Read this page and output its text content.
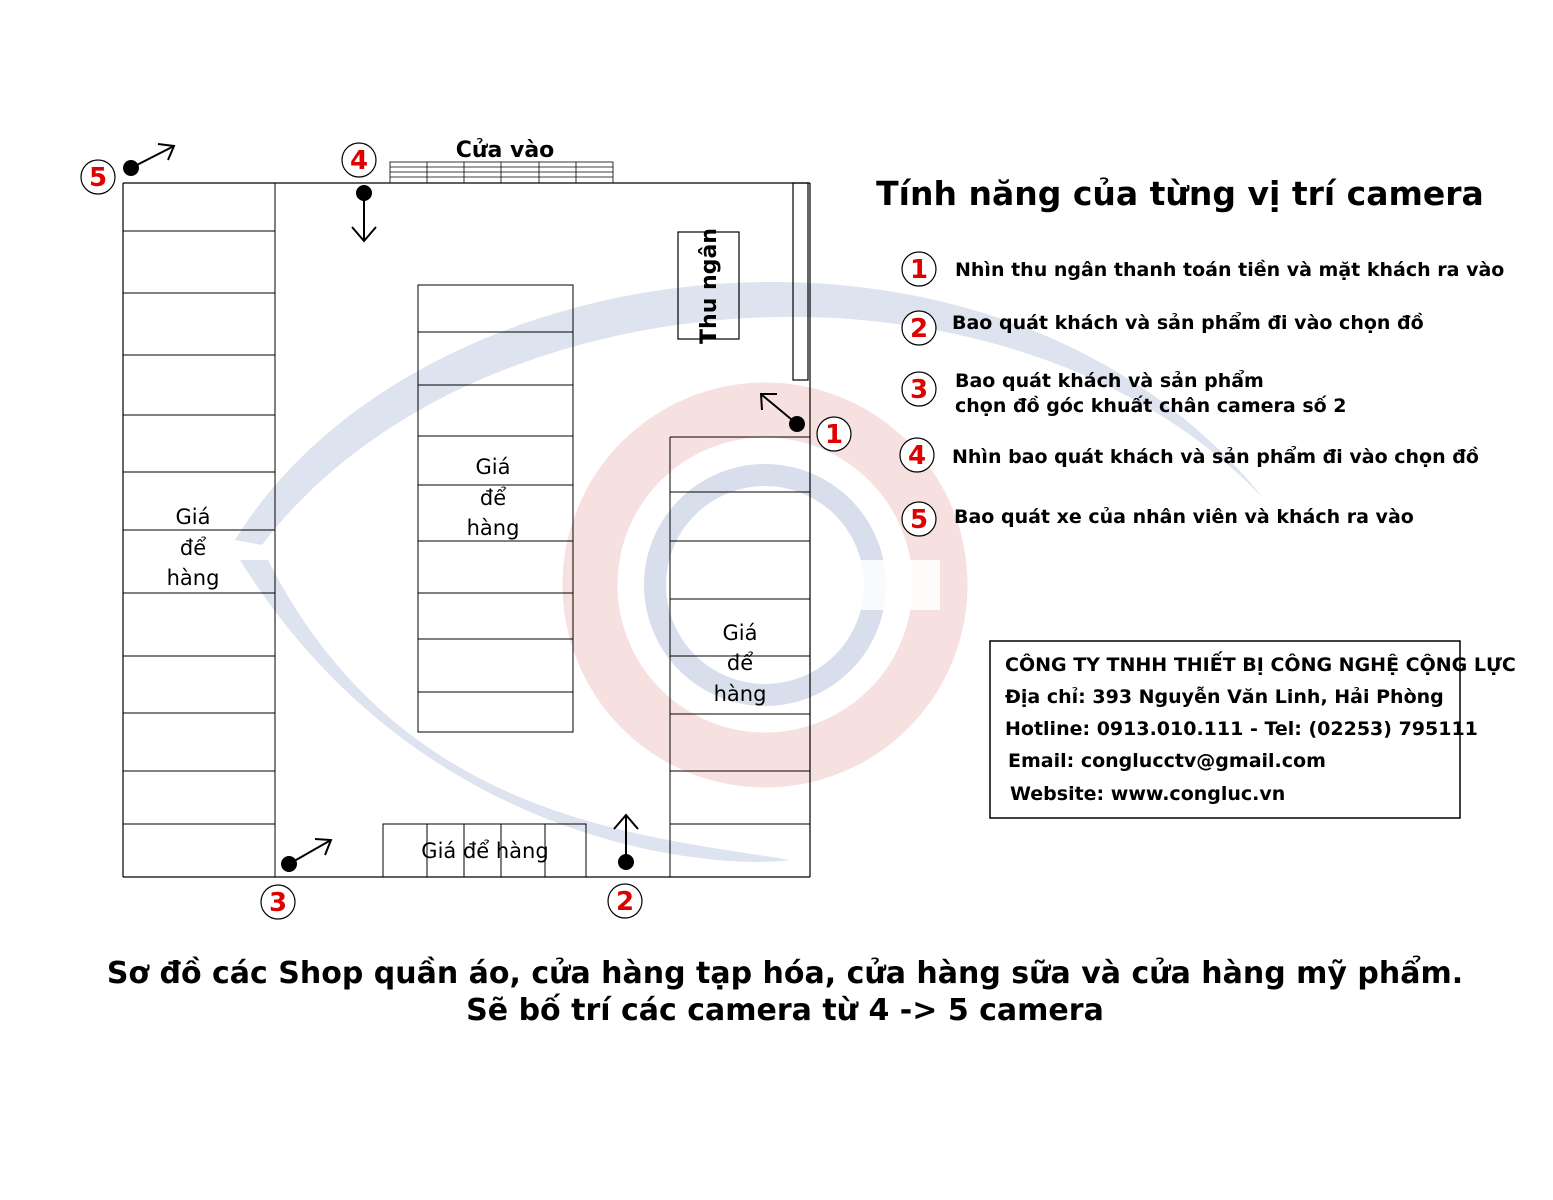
Cửa vào
Thu ngân
Giá
để
hàng
Giá
để
hàng
Giá
để
hàng
Giá để hàng
1
2
3
4
5	Tính năng của từng vị trí camera
1 Nhìn thu ngân thanh toán tiền và mặt khách ra vào
2 Bao quát khách và sản phẩm đi vào chọn đồ
3 Bao quát khách và sản phẩm
chọn đồ góc khuất chân camera số 2
4 Nhìn bao quát khách và sản phẩm đi vào chọn đồ
5 Bao quát xe của nhân viên và khách ra vào
CÔNG TY TNHH THIẾT BỊ CÔNG NGHỆ CỘNG LỰC
Địa chỉ: 393 Nguyễn Văn Linh, Hải Phòng
Hotline: 0913.010.111 - Tel: (02253) 795111
Email: conglucctv@gmail.com
Website: www.congluc.vn
Sơ đồ các Shop quần áo, cửa hàng tạp hóa, cửa hàng sữa và cửa hàng mỹ phẩm.
Sẽ bố trí các camera từ 4 -> 5 camera
